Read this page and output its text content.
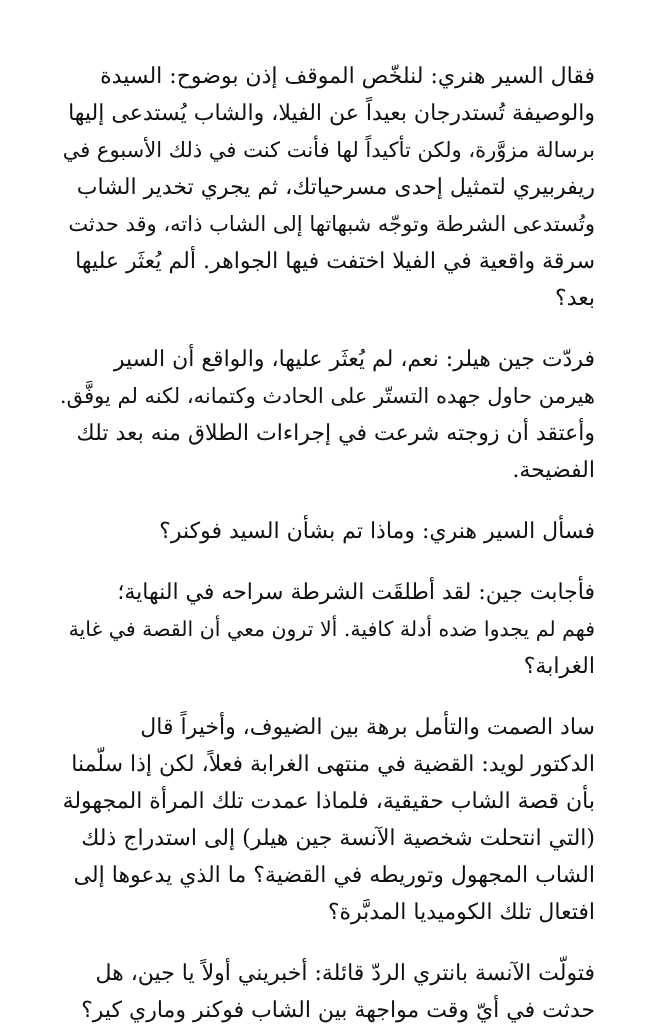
فقال السير هنري: لنلخّص الموقف إذن بوضوح: السيدة
والوصيفة تُستدرجان بعيداً عن الفيلا، والشاب يُستدعى إليها
برسالة مزوَّرة، ولكن تأكيداً لها فأنت كنت في ذلك الأسبوع في
ريفربيري لتمثيل إحدى مسرحياتك، ثم يجري تخدير الشاب
وتُستدعى الشرطة وتوجّه شبهاتها إلى الشاب ذاته، وقد حدثت
سرقة واقعية في الفيلا اختفت فيها الجواهر. ألم يُعثَر عليها
بعد؟

فردّت جين هيلر: نعم، لم يُعثَر عليها، والواقع أن السير
هيرمن حاول جهده التستّر على الحادث وكتمانه، لكنه لم يوفَّق.
وأعتقد أن زوجته شرعت في إجراءات الطلاق منه بعد تلك
الفضيحة.

فسأل السير هنري: وماذا تم بشأن السيد فوكنر؟

فأجابت جين: لقد أطلقَت الشرطة سراحه في النهاية؛
فهم لم يجدوا ضده أدلة كافية. ألا ترون معي أن القصة في غاية
الغرابة؟

ساد الصمت والتأمل برهة بين الضيوف، وأخيراً قال
الدكتور لويد: القضية في منتهى الغرابة فعلاً، لكن إذا سلّمنا
بأن قصة الشاب حقيقية، فلماذا عمدت تلك المرأة المجهولة
(التي انتحلت شخصية الآنسة جين هيلر) إلى استدراج ذلك
الشاب المجهول وتوريطه في القضية؟ ما الذي يدعوها إلى
افتعال تلك الكوميديا المدبَّرة؟

فتولّت الآنسة بانتري الردّ قائلة: أخبريني أولاً يا جين، هل
حدثت في أيّ وقت مواجهة بين الشاب فوكنر وماري كير؟
